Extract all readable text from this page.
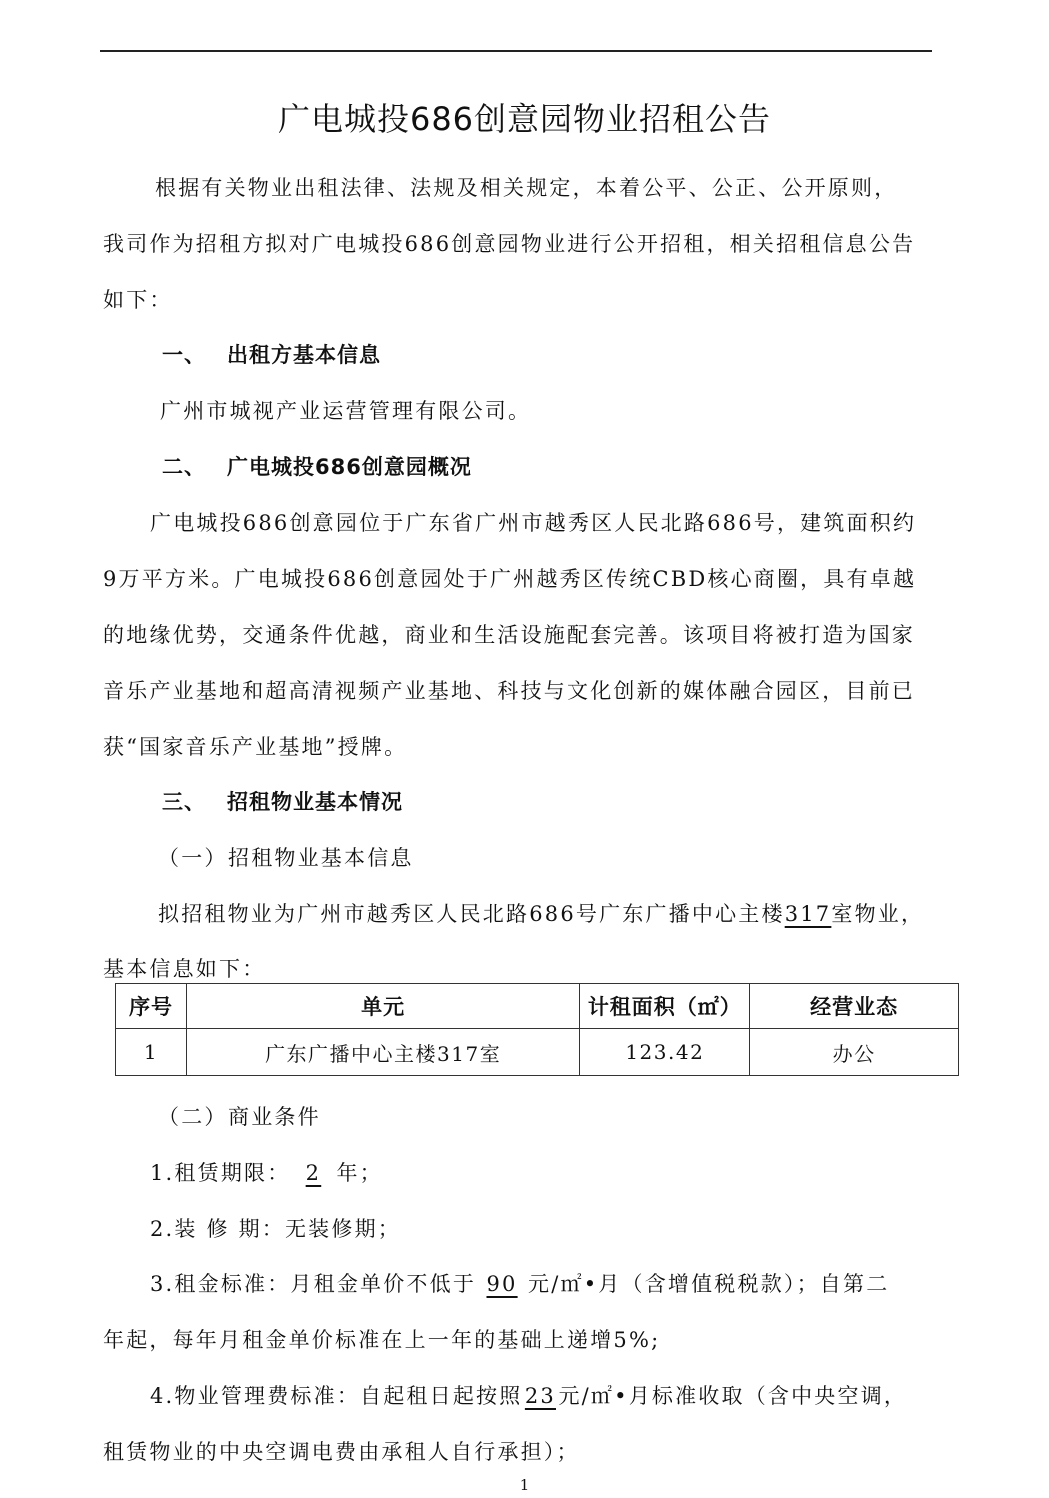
广电城投686创意园物业招租公告
根据有关物业出租法律、法规及相关规定，本着公平、公正、公开原则，
我司作为招租方拟对广电城投686创意园物业进行公开招租，相关招租信息公告
如下：
一、 出租方基本信息
广州市城视产业运营管理有限公司。
二、 广电城投686创意园概况
广电城投686创意园位于广东省广州市越秀区人民北路686号，建筑面积约
9万平方米。广电城投686创意园处于广州越秀区传统CBD核心商圈，具有卓越
的地缘优势，交通条件优越，商业和生活设施配套完善。该项目将被打造为国家
音乐产业基地和超高清视频产业基地、科技与文化创新的媒体融合园区，目前已
获“国家音乐产业基地”授牌。
三、 招租物业基本情况
（一）招租物业基本信息
拟招租物业为广州市越秀区人民北路686号广东广播中心主楼317室物业，
基本信息如下：
序号	单元	计租面积（㎡）	经营业态
1	广东广播中心主楼317室	123.42	办公
（二）商业条件
1.租赁期限： 2 年；
2.装 修 期：无装修期；
3.租金标准：月租金单价不低于 90 元/㎡•月（含增值税税款）；自第二
年起，每年月租金单价标准在上一年的基础上递增5%;
4.物业管理费标准：自起租日起按照 23 元/㎡•月标准收取（含中央空调，
租赁物业的中央空调电费由承租人自行承担）；
1
